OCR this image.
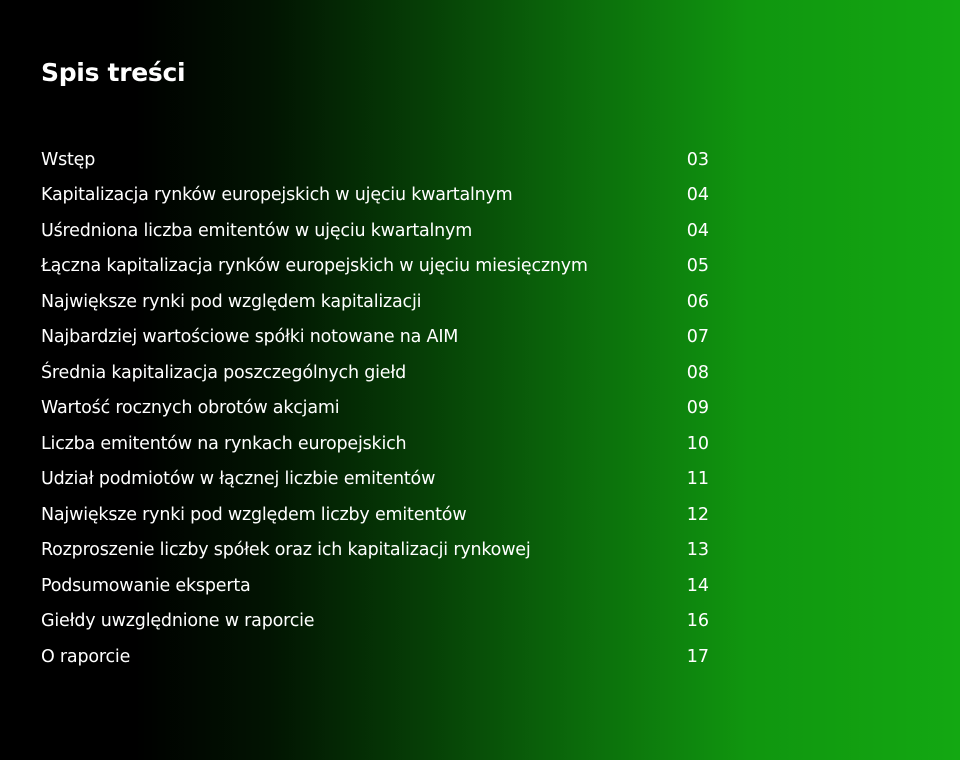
Spis treści
Wstęp	03
Kapitalizacja rynków europejskich w ujęciu kwartalnym	04
Uśredniona liczba emitentów w ujęciu kwartalnym	04
Łączna kapitalizacja rynków europejskich w ujęciu miesięcznym	05
Największe rynki pod względem kapitalizacji	06
Najbardziej wartościowe spółki notowane na AIM	07
Średnia kapitalizacja poszczególnych giełd	08
Wartość rocznych obrotów akcjami	09
Liczba emitentów na rynkach europejskich	10
Udział podmiotów w łącznej liczbie emitentów	11
Największe rynki pod względem liczby emitentów	12
Rozproszenie liczby spółek oraz ich kapitalizacji rynkowej	13
Podsumowanie eksperta	14
Giełdy uwzględnione w raporcie	16
O raporcie	17
